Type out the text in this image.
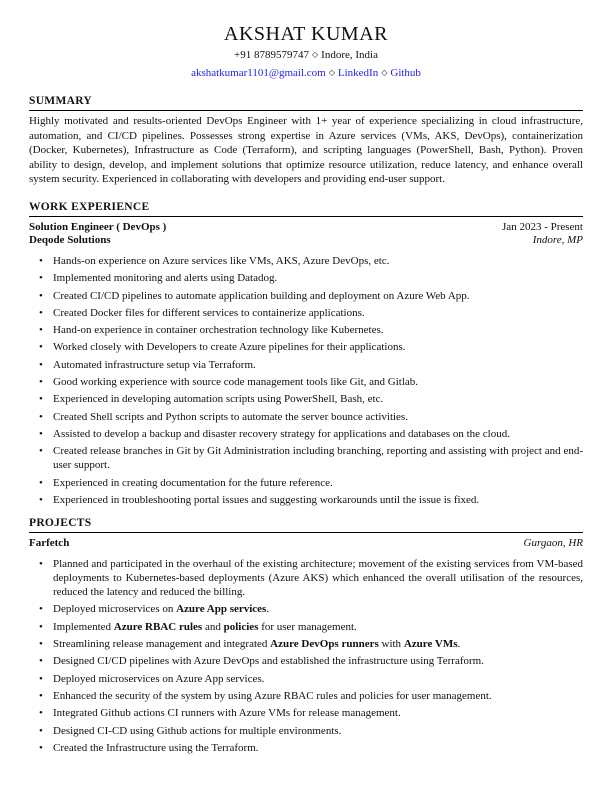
AKSHAT KUMAR
+91 8789579747 ◇ Indore, India
akshatkumar1101@gmail.com ◇ LinkedIn ◇ Github
SUMMARY
Highly motivated and results-oriented DevOps Engineer with 1+ year of experience specializing in cloud infrastructure, automation, and CI/CD pipelines. Possesses strong expertise in Azure services (VMs, AKS, DevOps), containerization (Docker, Kubernetes), Infrastructure as Code (Terraform), and scripting languages (PowerShell, Bash, Python). Proven ability to design, develop, and implement solutions that optimize resource utilization, reduce latency, and enhance overall system security. Experienced in collaborating with developers and providing end-user support.
WORK EXPERIENCE
Solution Engineer ( DevOps )	Jan 2023 - Present
Deqode Solutions	Indore, MP
• Hands-on experience on Azure services like VMs, AKS, Azure DevOps, etc.
• Implemented monitoring and alerts using Datadog.
• Created CI/CD pipelines to automate application building and deployment on Azure Web App.
• Created Docker files for different services to containerize applications.
• Hand-on experience in container orchestration technology like Kubernetes.
• Worked closely with Developers to create Azure pipelines for their applications.
• Automated infrastructure setup via Terraform.
• Good working experience with source code management tools like Git, and Gitlab.
• Experienced in developing automation scripts using PowerShell, Bash, etc.
• Created Shell scripts and Python scripts to automate the server bounce activities.
• Assisted to develop a backup and disaster recovery strategy for applications and databases on the cloud.
• Created release branches in Git by Git Administration including branching, reporting and assisting with project and end-user support.
• Experienced in creating documentation for the future reference.
• Experienced in troubleshooting portal issues and suggesting workarounds until the issue is fixed.
PROJECTS
Farfetch	Gurgaon, HR
• Planned and participated in the overhaul of the existing architecture; movement of the existing services from VM-based deployments to Kubernetes-based deployments (Azure AKS) which enhanced the overall utilisation of the resources, reduced the latency and reduced the billing.
• Deployed microservices on Azure App services.
• Implemented Azure RBAC rules and policies for user management.
• Streamlining release management and integrated Azure DevOps runners with Azure VMs.
• Designed CI/CD pipelines with Azure DevOps and established the infrastructure using Terraform.
• Deployed microservices on Azure App services.
• Enhanced the security of the system by using Azure RBAC rules and policies for user management.
• Integrated Github actions CI runners with Azure VMs for release management.
• Designed CI-CD using Github actions for multiple environments.
• Created the Infrastructure using the Terraform.
